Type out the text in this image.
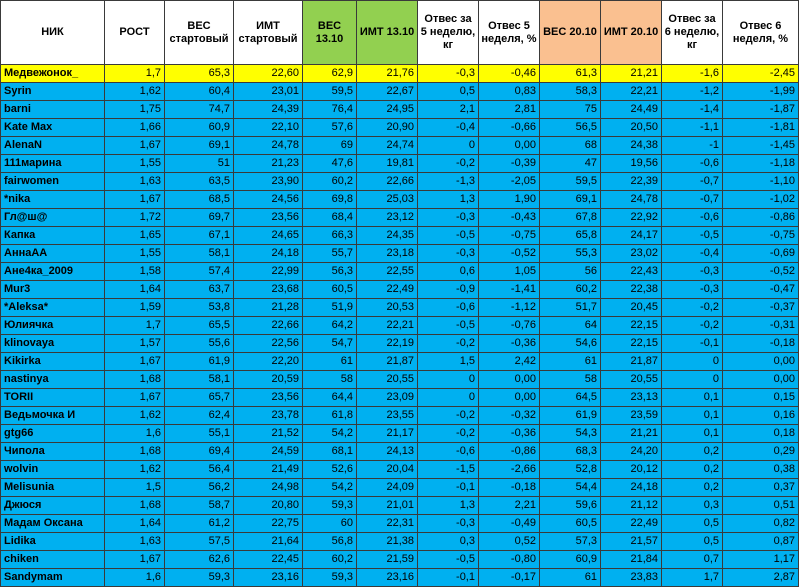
НИК	РОСТ	ВЕС стартовый	ИМТ стартовый	ВЕС 13.10	ИМТ 13.10	Отвес за 5 неделю, кг	Отвес 5 неделя, %	ВЕС 20.10	ИМТ 20.10	Отвес за 6 неделю, кг	Отвес 6 неделя, %
Медвежонок_	1,7	65,3	22,60	62,9	21,76	-0,3	-0,46	61,3	21,21	-1,6	-2,45
Syrin	1,62	60,4	23,01	59,5	22,67	0,5	0,83	58,3	22,21	-1,2	-1,99
barni	1,75	74,7	24,39	76,4	24,95	2,1	2,81	75	24,49	-1,4	-1,87
Kate Max	1,66	60,9	22,10	57,6	20,90	-0,4	-0,66	56,5	20,50	-1,1	-1,81
AlenaN	1,67	69,1	24,78	69	24,74	0	0,00	68	24,38	-1	-1,45
111марина	1,55	51	21,23	47,6	19,81	-0,2	-0,39	47	19,56	-0,6	-1,18
fairwomen	1,63	63,5	23,90	60,2	22,66	-1,3	-2,05	59,5	22,39	-0,7	-1,10
*nika	1,67	68,5	24,56	69,8	25,03	1,3	1,90	69,1	24,78	-0,7	-1,02
Гл@ш@	1,72	69,7	23,56	68,4	23,12	-0,3	-0,43	67,8	22,92	-0,6	-0,86
Капка	1,65	67,1	24,65	66,3	24,35	-0,5	-0,75	65,8	24,17	-0,5	-0,75
АннаАА	1,55	58,1	24,18	55,7	23,18	-0,3	-0,52	55,3	23,02	-0,4	-0,69
Ане4ка_2009	1,58	57,4	22,99	56,3	22,55	0,6	1,05	56	22,43	-0,3	-0,52
Mur3	1,64	63,7	23,68	60,5	22,49	-0,9	-1,41	60,2	22,38	-0,3	-0,47
*Aleksa*	1,59	53,8	21,28	51,9	20,53	-0,6	-1,12	51,7	20,45	-0,2	-0,37
Юлиячка	1,7	65,5	22,66	64,2	22,21	-0,5	-0,76	64	22,15	-0,2	-0,31
klinovaya	1,57	55,6	22,56	54,7	22,19	-0,2	-0,36	54,6	22,15	-0,1	-0,18
Kikirka	1,67	61,9	22,20	61	21,87	1,5	2,42	61	21,87	0	0,00
nastinya	1,68	58,1	20,59	58	20,55	0	0,00	58	20,55	0	0,00
TORII	1,67	65,7	23,56	64,4	23,09	0	0,00	64,5	23,13	0,1	0,15
Ведьмочка И	1,62	62,4	23,78	61,8	23,55	-0,2	-0,32	61,9	23,59	0,1	0,16
gtg66	1,6	55,1	21,52	54,2	21,17	-0,2	-0,36	54,3	21,21	0,1	0,18
Чипола	1,68	69,4	24,59	68,1	24,13	-0,6	-0,86	68,3	24,20	0,2	0,29
wolvin	1,62	56,4	21,49	52,6	20,04	-1,5	-2,66	52,8	20,12	0,2	0,38
Melisunia	1,5	56,2	24,98	54,2	24,09	-0,1	-0,18	54,4	24,18	0,2	0,37
Джюся	1,68	58,7	20,80	59,3	21,01	1,3	2,21	59,6	21,12	0,3	0,51
Мадам Оксана	1,64	61,2	22,75	60	22,31	-0,3	-0,49	60,5	22,49	0,5	0,82
Lidika	1,63	57,5	21,64	56,8	21,38	0,3	0,52	57,3	21,57	0,5	0,87
chiken	1,67	62,6	22,45	60,2	21,59	-0,5	-0,80	60,9	21,84	0,7	1,17
Sandymam	1,6	59,3	23,16	59,3	23,16	-0,1	-0,17	61	23,83	1,7	2,87
